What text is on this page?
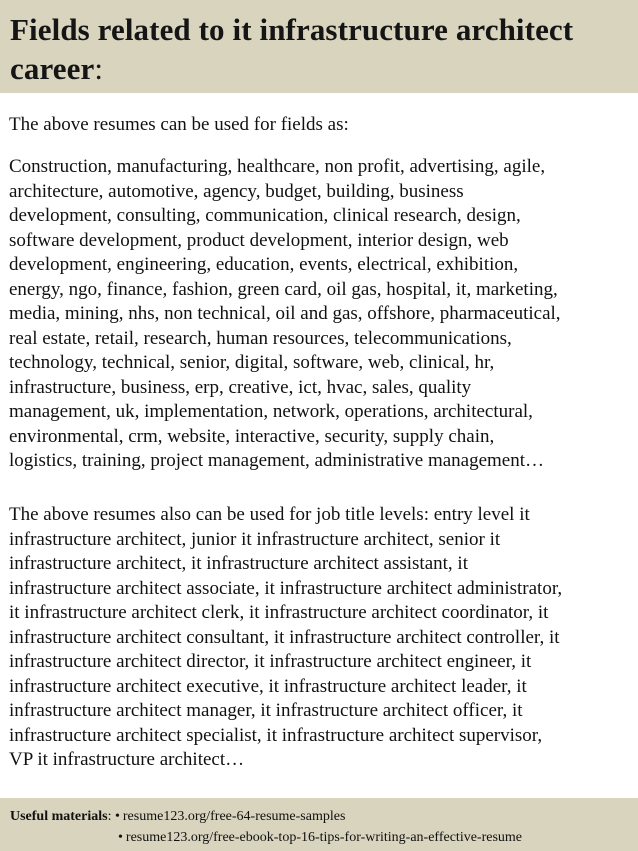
Fields related to it infrastructure architect career:

The above resumes can be used for fields as:

Construction, manufacturing, healthcare, non profit, advertising, agile,
architecture, automotive, agency, budget, building, business
development, consulting, communication, clinical research, design,
software development, product development, interior design, web
development, engineering, education, events, electrical, exhibition,
energy, ngo, finance, fashion, green card, oil gas, hospital, it, marketing,
media, mining, nhs, non technical, oil and gas, offshore, pharmaceutical,
real estate, retail, research, human resources, telecommunications,
technology, technical, senior, digital, software, web, clinical, hr,
infrastructure, business, erp, creative, ict, hvac, sales, quality
management, uk, implementation, network, operations, architectural,
environmental, crm, website, interactive, security, supply chain,
logistics, training, project management, administrative management…

The above resumes also can be used for job title levels: entry level it
infrastructure architect, junior it infrastructure architect, senior it
infrastructure architect, it infrastructure architect assistant, it
infrastructure architect associate, it infrastructure architect administrator,
it infrastructure architect clerk, it infrastructure architect coordinator, it
infrastructure architect consultant, it infrastructure architect controller, it
infrastructure architect director, it infrastructure architect engineer, it
infrastructure architect executive, it infrastructure architect leader, it
infrastructure architect manager, it infrastructure architect officer, it
infrastructure architect specialist, it infrastructure architect supervisor,
VP it infrastructure architect…

Useful materials :
• resume123.org/free-64-resume-samples
• resume123.org/free-ebook-top-16-tips-for-writing-an-effective-resume
